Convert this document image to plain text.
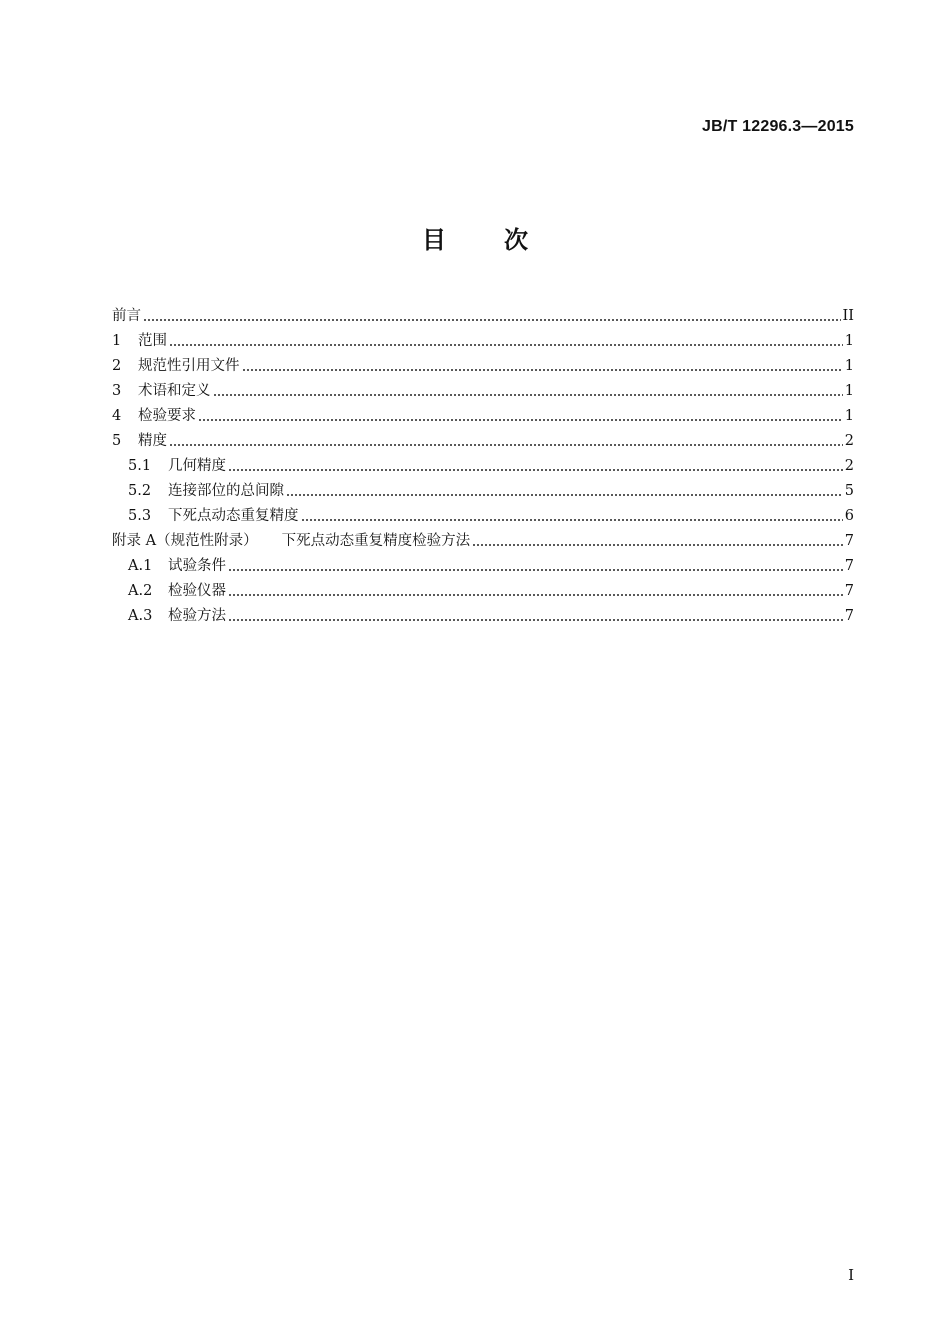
JB/T 12296.3—2015
目 次
前言	II
1	范围	1
2	规范性引用文件	1
3	术语和定义	1
4	检验要求	1
5	精度	2
5.1	几何精度	2
5.2	连接部位的总间隙	5
5.3	下死点动态重复精度	6
附录 A（规范性附录） 下死点动态重复精度检验方法	7
A.1	试验条件	7
A.2	检验仪器	7
A.3	检验方法	7
I
